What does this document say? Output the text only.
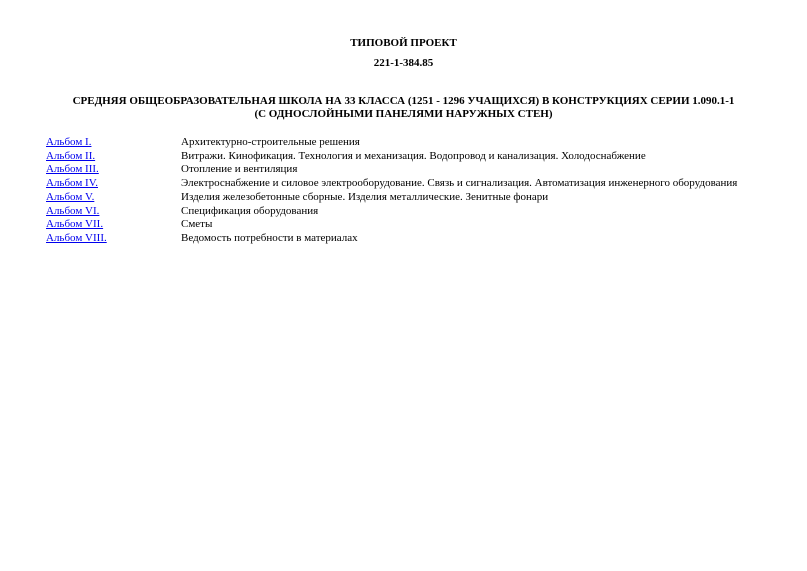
ТИПОВОЙ ПРОЕКТ
221-1-384.85
СРЕДНЯЯ ОБЩЕОБРАЗОВАТЕЛЬНАЯ ШКОЛА НА 33 КЛАССА (1251 - 1296 УЧАЩИХСЯ) В КОНСТРУКЦИЯХ СЕРИИ 1.090.1-1
(С ОДНОСЛОЙНЫМИ ПАНЕЛЯМИ НАРУЖНЫХ СТЕН)
Альбом I.	Архитектурно-строительные решения
Альбом II.	Витражи. Кинофикация. Технология и механизация. Водопровод и канализация. Холодоснабжение
Альбом III.	Отопление и вентиляция
Альбом IV.	Электроснабжение и силовое электрооборудование. Связь и сигнализация. Автоматизация инженерного оборудования
Альбом V.	Изделия железобетонные сборные. Изделия металлические. Зенитные фонари
Альбом VI.	Спецификация оборудования
Альбом VII.	Сметы
Альбом VIII.	Ведомость потребности в материалах
